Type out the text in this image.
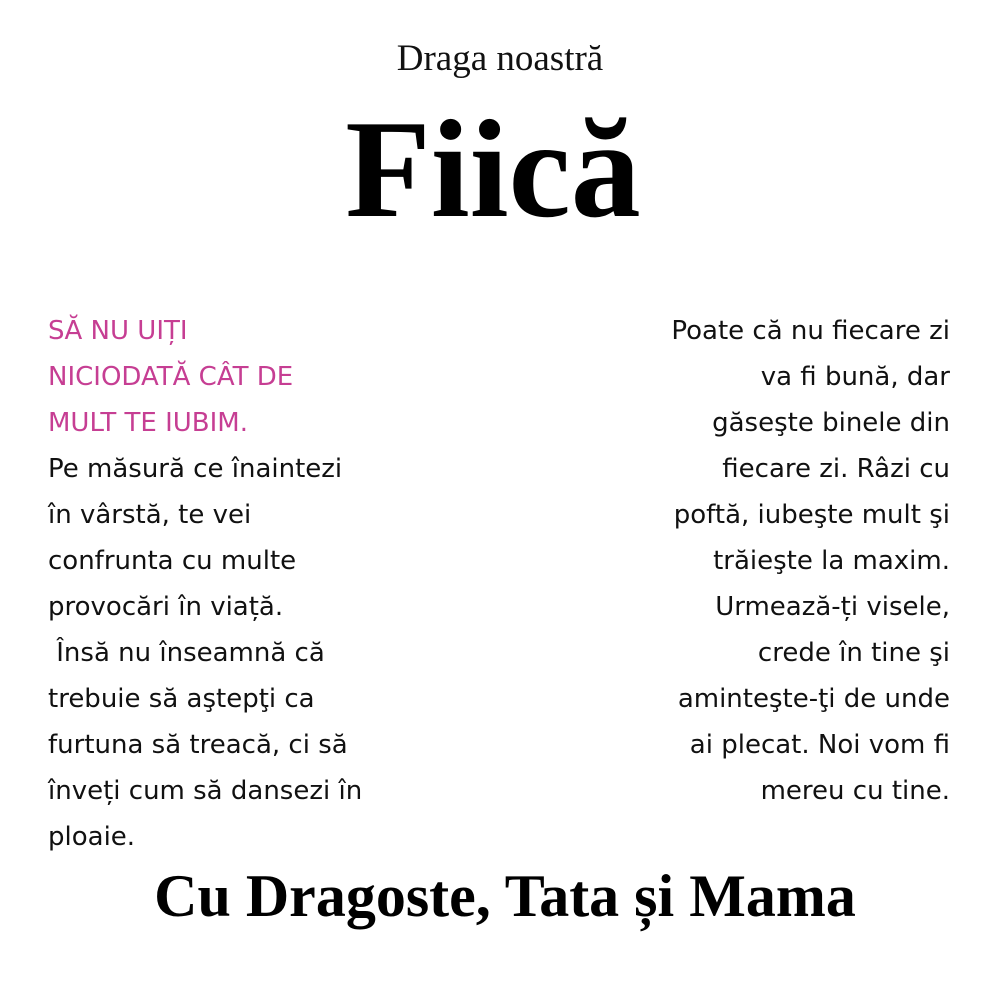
Draga noastră
Fiică
SĂ NU UIȚI
NICIODATĂ CÂT DE
MULT TE IUBIM.
Pe măsură ce înaintezi
în vârstă, te vei
confrunta cu multe
provocări în viață.
Însă nu înseamnă că
trebuie să aştepţi ca
furtuna să treacă, ci să
înveți cum să dansezi în
ploaie.
Poate că nu fiecare zi
va fi bună, dar
găseşte binele din
fiecare zi. Râzi cu
poftă, iubeşte mult şi
trăieşte la maxim.
Urmează-ți visele,
crede în tine şi
aminteşte-ţi de unde
ai plecat. Noi vom fi
mereu cu tine.
Cu Dragoste, Tata și Mama
